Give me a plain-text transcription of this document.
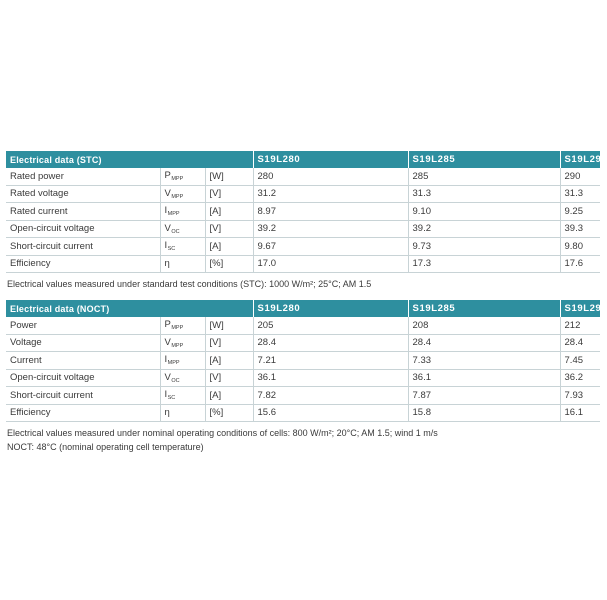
Electrical data (STC)			S19L280	S19L285	S19L290
Rated power	$P_{MPP}$	[W]	280	285	290
Rated voltage	$V_{MPP}$	[V]	31.2	31.3	31.3
Rated current	$I_{MPP}$	[A]	8.97	9.10	9.25
Open-circuit voltage	$V_{OC}$	[V]	39.2	39.2	39.3
Short-circuit current	$I_{SC}$	[A]	9.67	9.73	9.80
Efficiency	η	[%]	17.0	17.3	17.6
Electrical values measured under standard test conditions (STC): 1000 W/m²; 25°C; AM 1.5
Electrical data (NOCT)			S19L280	S19L285	S19L290
Power	$P_{MPP}$	[W]	205	208	212
Voltage	$V_{MPP}$	[V]	28.4	28.4	28.4
Current	$I_{MPP}$	[A]	7.21	7.33	7.45
Open-circuit voltage	$V_{OC}$	[V]	36.1	36.1	36.2
Short-circuit current	$I_{SC}$	[A]	7.82	7.87	7.93
Efficiency	η	[%]	15.6	15.8	16.1
Electrical values measured under nominal operating conditions of cells: 800 W/m²; 20°C; AM 1.5; wind 1 m/s
NOCT: 48°C (nominal operating cell temperature)
